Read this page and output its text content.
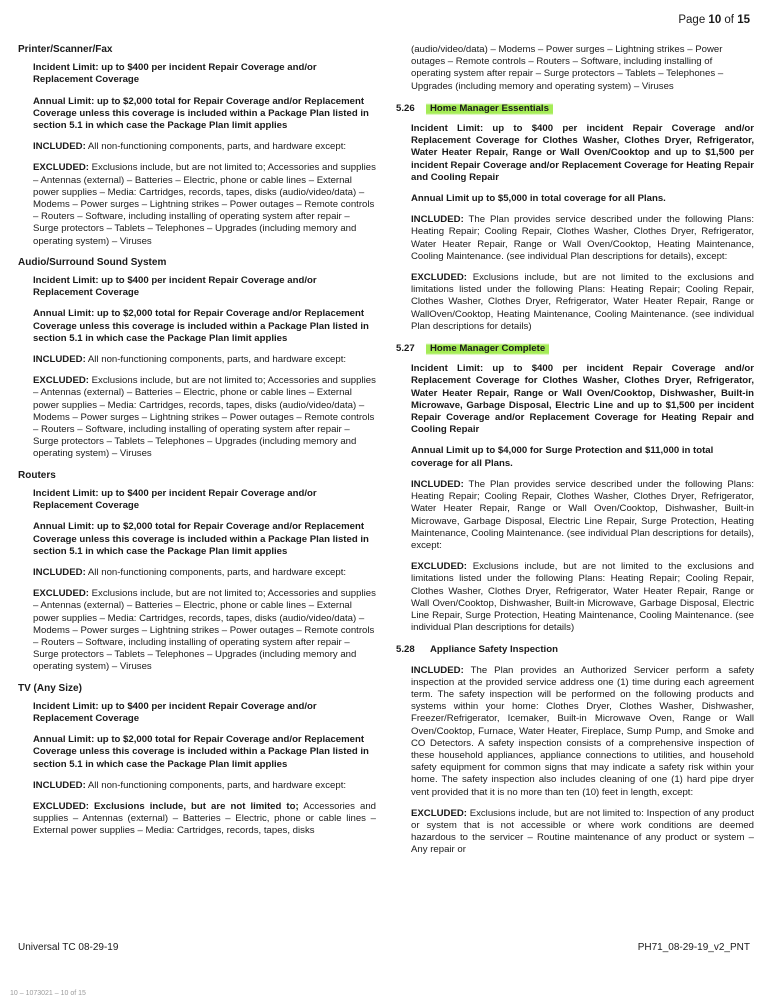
Page 10 of 15
Printer/Scanner/Fax
Incident Limit: up to $400 per incident Repair Coverage and/or Replacement Coverage
Annual Limit: up to $2,000 total for Repair Coverage and/or Replacement Coverage unless this coverage is included within a Package Plan listed in section 5.1 in which case the Package Plan limit applies
INCLUDED: All non-functioning components, parts, and hardware except:
EXCLUDED: Exclusions include, but are not limited to; Accessories and supplies – Antennas (external) – Batteries – Electric, phone or cable lines – External power supplies – Media: Cartridges, records, tapes, disks (audio/video/data) – Modems – Power surges – Lightning strikes – Power outages – Remote controls – Routers – Software, including installing of operating system after repair – Surge protectors – Tablets – Telephones – Upgrades (including memory and operating system) – Viruses
Audio/Surround Sound System
Incident Limit: up to $400 per incident Repair Coverage and/or Replacement Coverage
Annual Limit: up to $2,000 total for Repair Coverage and/or Replacement Coverage unless this coverage is included within a Package Plan listed in section 5.1 in which case the Package Plan limit applies
INCLUDED: All non-functioning components, parts, and hardware except:
EXCLUDED: Exclusions include, but are not limited to; Accessories and supplies – Antennas (external) – Batteries – Electric, phone or cable lines – External power supplies – Media: Cartridges, records, tapes, disks (audio/video/data) – Modems – Power surges – Lightning strikes – Power outages – Remote controls – Routers – Software, including installing of operating system after repair – Surge protectors – Tablets – Telephones – Upgrades (including memory and operating system) – Viruses
Routers
Incident Limit: up to $400 per incident Repair Coverage and/or Replacement Coverage
Annual Limit: up to $2,000 total for Repair Coverage and/or Replacement Coverage unless this coverage is included within a Package Plan listed in section 5.1 in which case the Package Plan limit applies
INCLUDED: All non-functioning components, parts, and hardware except:
EXCLUDED: Exclusions include, but are not limited to; Accessories and supplies – Antennas (external) – Batteries – Electric, phone or cable lines – External power supplies – Media: Cartridges, records, tapes, disks (audio/video/data) – Modems – Power surges – Lightning strikes – Power outages – Remote controls – Routers – Software, including installing of operating system after repair – Surge protectors – Tablets – Telephones – Upgrades (including memory and operating system) – Viruses
TV (Any Size)
Incident Limit: up to $400 per incident Repair Coverage and/or Replacement Coverage
Annual Limit: up to $2,000 total for Repair Coverage and/or Replacement Coverage unless this coverage is included within a Package Plan listed in section 5.1 in which case the Package Plan limit applies
INCLUDED: All non-functioning components, parts, and hardware except:
EXCLUDED: Exclusions include, but are not limited to; Accessories and supplies – Antennas (external) – Batteries – Electric, phone or cable lines – External power supplies – Media: Cartridges, records, tapes, disks
(audio/video/data) – Modems – Power surges – Lightning strikes – Power outages – Remote controls – Routers – Software, including installing of operating system after repair – Surge protectors – Tablets – Telephones – Upgrades (including memory and operating system) – Viruses
5.26	Home Manager Essentials
Incident Limit: up to $400 per incident Repair Coverage and/or Replacement Coverage for Clothes Washer, Clothes Dryer, Refrigerator, Water Heater Repair, Range or Wall Oven/Cooktop and up to $1,500 per incident Repair Coverage and/or Replacement Coverage for Heating Repair and Cooling Repair
Annual Limit up to $5,000 in total coverage for all Plans.
INCLUDED: The Plan provides service described under the following Plans: Heating Repair; Cooling Repair, Clothes Washer, Clothes Dryer, Refrigerator, Water Heater Repair, Range or Wall Oven/Cooktop, Heating Maintenance, Cooling Maintenance. (see individual Plan descriptions for details), except:
EXCLUDED: Exclusions include, but are not limited to the exclusions and limitations listed under the following Plans: Heating Repair; Cooling Repair, Clothes Washer, Clothes Dryer, Refrigerator, Water Heater Repair, Range or WallOven/Cooktop, Heating Maintenance, Cooling Maintenance. (see individual Plan descriptions for details)
5.27	Home Manager Complete
Incident Limit: up to $400 per incident Repair Coverage and/or Replacement Coverage for Clothes Washer, Clothes Dryer, Refrigerator, Water Heater Repair, Range or Wall Oven/Cooktop, Dishwasher, Built-in Microwave, Garbage Disposal, Electric Line and up to $1,500 per incident Repair Coverage and/or Replacement Coverage for Heating Repair and Cooling Repair
Annual Limit up to $4,000 for Surge Protection and $11,000 in total coverage for all Plans.
INCLUDED: The Plan provides service described under the following Plans: Heating Repair; Cooling Repair, Clothes Washer, Clothes Dryer, Refrigerator, Water Heater Repair, Range or Wall Oven/Cooktop, Dishwasher, Built-in Microwave, Garbage Disposal, Electric Line Repair, Surge Protection, Heating Maintenance, Cooling Maintenance. (see individual Plan descriptions for details), except:
EXCLUDED: Exclusions include, but are not limited to the exclusions and limitations listed under the following Plans: Heating Repair; Cooling Repair, Clothes Washer, Clothes Dryer, Refrigerator, Water Heater Repair, Range or Wall Oven/Cooktop, Dishwasher, Built-in Microwave, Garbage Disposal, Electric Line Repair, Surge Protection, Heating Maintenance, Cooling Maintenance. (see individual Plan descriptions for details)
5.28	Appliance Safety Inspection
INCLUDED: The Plan provides an Authorized Servicer perform a safety inspection at the provided service address one (1) time during each agreement term. The safety inspection will be performed on the following products and systems within your home: Clothes Dryer, Clothes Washer, Dishwasher, Freezer/Refrigerator, Icemaker, Built-in Microwave Oven, Range or Wall Oven/Cooktop, Furnace, Water Heater, Fireplace, Sump Pump, and Smoke and CO Detectors. A safety inspection consists of a comprehensive inspection of these household appliances, appliance connections to utilities, and household safety equipment for common signs that may indicate a safety risk within your home. The safety inspection also includes cleaning of one (1) hard pipe dryer vent provided that it is no more than ten (10) feet in length, except:
EXCLUDED: Exclusions include, but are not limited to: Inspection of any product or system that is not accessible or where work conditions are deemed hazardous to the servicer – Routine maintenance of any product or system – Any repair or
Universal TC 08-29-19	PH71_08-29-19_v2_PNT
10 – 1073021 – 10 of 15
